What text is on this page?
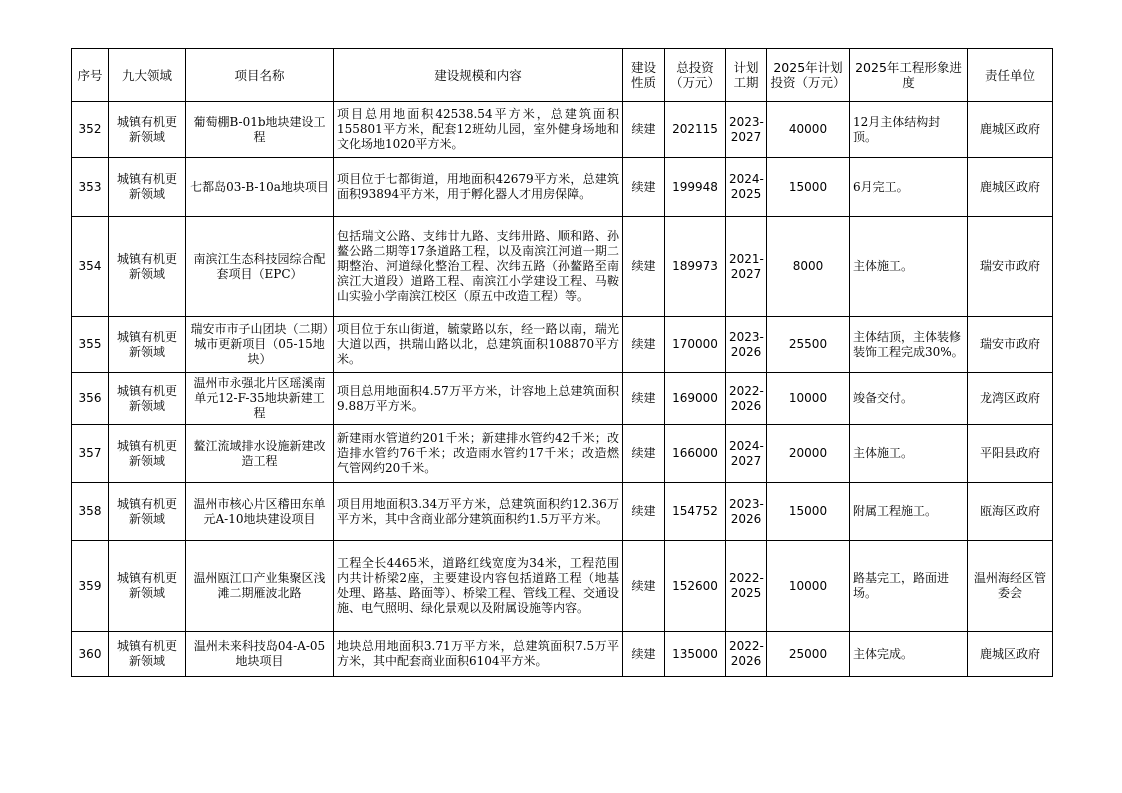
序号	九大领域	项目名称	建设规模和内容	建设性质	总投资（万元）	计划工期	2025年计划投资（万元）	2025年工程形象进度	责任单位
352	城镇有机更新领域	葡萄棚B-01b地块建设工程	项目总用地面积42538.54平方米，总建筑面积155801平方米，配套12班幼儿园，室外健身场地和文化场地1020平方米。	续建	202115	2023-2027	40000	12月主体结构封顶。	鹿城区政府
353	城镇有机更新领域	七都岛03-B-10a地块项目	项目位于七都街道，用地面积42679平方米，总建筑面积93894平方米，用于孵化器人才用房保障。	续建	199948	2024-2025	15000	6月完工。	鹿城区政府
354	城镇有机更新领域	南滨江生态科技园综合配套项目（EPC）	包括瑞文公路、支纬廿九路、支纬卅路、顺和路、孙鳌公路二期等17条道路工程，以及南滨江河道一期二期整治、河道绿化整治工程、次纬五路（孙鳌路至南滨江大道段）道路工程、南滨江小学建设工程、马鞍山实验小学南滨江校区（原五中改造工程）等。	续建	189973	2021-2027	8000	主体施工。	瑞安市政府
355	城镇有机更新领域	瑞安市市子山团块（二期）城市更新项目（05-15地块）	项目位于东山街道，毓蒙路以东，经一路以南，瑞光大道以西，拱瑞山路以北，总建筑面积108870平方米。	续建	170000	2023-2026	25500	主体结顶，主体装修装饰工程完成30%。	瑞安市政府
356	城镇有机更新领域	温州市永强北片区瑶溪南单元12-F-35地块新建工程	项目总用地面积4.57万平方米，计容地上总建筑面积9.88万平方米。	续建	169000	2022-2026	10000	竣备交付。	龙湾区政府
357	城镇有机更新领域	鳌江流域排水设施新建改造工程	新建雨水管道约201千米；新建排水管约42千米；改造排水管约76千米；改造雨水管约17千米；改造燃气管网约20千米。	续建	166000	2024-2027	20000	主体施工。	平阳县政府
358	城镇有机更新领域	温州市核心片区稽田东单元A-10地块建设项目	项目用地面积3.34万平方米，总建筑面积约12.36万平方米，其中含商业部分建筑面积约1.5万平方米。	续建	154752	2023-2026	15000	附属工程施工。	瓯海区政府
359	城镇有机更新领域	温州瓯江口产业集聚区浅滩二期雁波北路	工程全长4465米，道路红线宽度为34米，工程范围内共计桥梁2座，主要建设内容包括道路工程（地基处理、路基、路面等）、桥梁工程、管线工程、交通设施、电气照明、绿化景观以及附属设施等内容。	续建	152600	2022-2025	10000	路基完工，路面进场。	温州海经区管委会
360	城镇有机更新领域	温州未来科技岛04-A-05地块项目	地块总用地面积3.71万平方米，总建筑面积7.5万平方米，其中配套商业面积6104平方米。	续建	135000	2022-2026	25000	主体完成。	鹿城区政府
